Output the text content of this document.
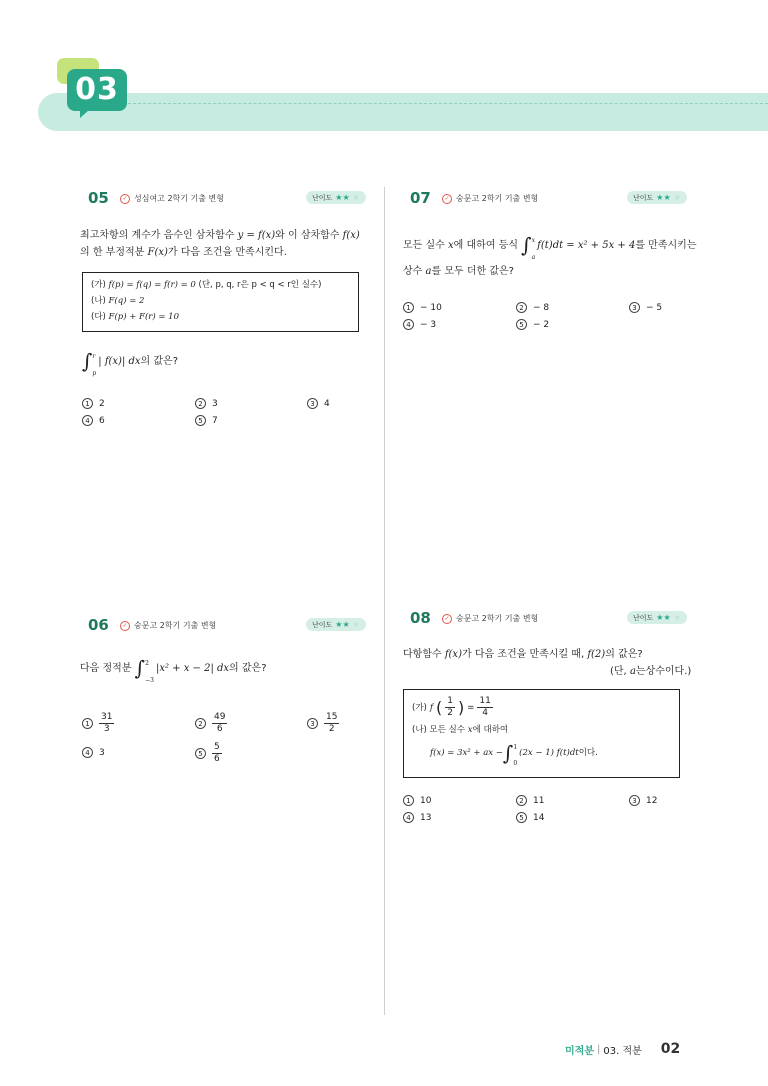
03
05	✓ 성심여고 2학기 기출 변형	난이도 ★★ ★
최고차항의 계수가 음수인 삼차함수 y = f(x)와 이 삼차함수 f(x)
의 한 부정적분 F(x)가 다음 조건을 만족시킨다.
(가) f(p) = f(q) = f(r) = 0 (단, p, q, r은 p < q < r인 실수)
(나) F(q) = 2
(다) F(p) + F(r) = 10
∫ r
p
| f(x)| dx 의 값은?
1	2	2	3	3	4
4	6	5	7
07	✓ 숭문고 2학기 기출 변형	난이도 ★★ ★
모든 실수
x 에 대하여 등식
∫ x
a
f(t)dt = x² + 5x + 4 를 만족시키는
상수 a를 모두 더한 값은?
1	− 10	2	− 8	3	− 5
4	− 3	5	− 2
06	✓ 숭문고 2학기 기출 변형	난이도 ★★ ★
다음 정적분
∫ 2
−3
|x² + x − 2| dx 의 값은?
1	$\frac{31}{3}$	2	$\frac{49}{6}$	3	$\frac{15}{2}$
4	3	5	$\frac{5}{6}$
08	✓ 숭문고 2학기 기출 변형	난이도 ★★ ★
다항함수 f(x)가 다음 조건을 만족시킬 때, f(2)의 값은?
(단, a는상수이다.)
(가) f ( $\frac{1}{2}$ ) = $\frac{11}{4}$
(나) 모든 실수 x에 대하여
f(x) = 3x² + ax − ∫ 1
0
(2x − 1) f(t)dt 이다.
1	10	2	11	3	12
4	13	5	14
미적분 | 03. 적분 02
